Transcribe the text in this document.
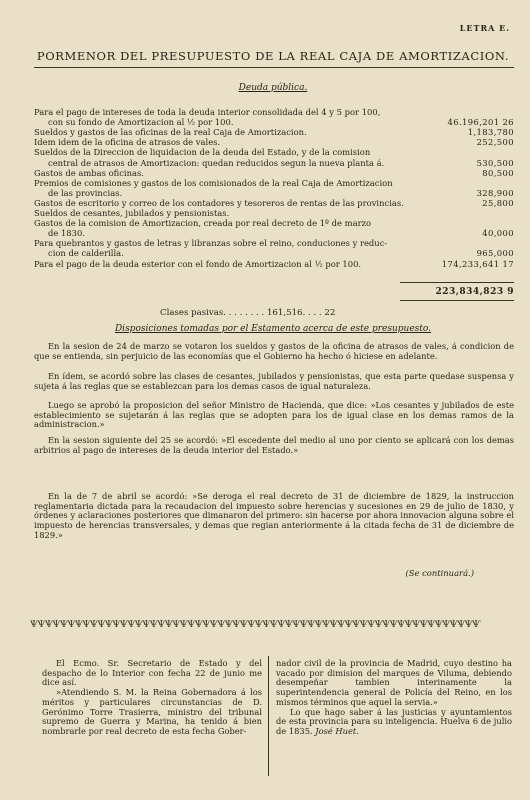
LETRA E.
PORMENOR DEL PRESUPUESTO DE LA REAL CAJA DE AMORTIZACION.
Deuda pública.
Para el pago de intereses de toda la deuda interior consolidada del 4 y 5 por 100,
con su fondo de Amortizacion al ½ por 100.	46.196,201 26
Sueldos y gastos de las oficinas de la real Caja de Amortizacion.	1,183,780
Idem idem de la oficina de atrasos de vales.	252,500
Sueldos de la Direccion de liquidacion de la deuda del Estado, y de la comision
central de atrasos de Amortizacion: quedan reducidos segun la nueva planta á.	530,500
Gastos de ambas oficinas.	80,500
Premios de comisiones y gastos de los comisionados de la real Caja de Amortizacion
de las provincias.	328,900
Gastos de escritorio y correo de los contadores y tesoreros de rentas de las provincias.	25,800
Sueldos de cesantes, jubilados y pensionistas.
Gastos de la comision de Amortizacion, creada por real decreto de 1º de marzo
de 1830.	40,000
Para quebrantos y gastos de letras y libranzas sobre el reino, conduciones y reduc-
cion de calderilla.	965,000
Para el pago de la deuda esterior con el fondo de Amortizacion al ½ por 100.	174,233,641 17
223,834,823 9
Clases pasivas. . . . . . . . 161,516. . . . 22
Disposiciones tomadas por el Estamento acerca de este presupuesto.
En la sesion de 24 de marzo se votaron los sueldos y gastos de la oficina de atrasos de vales, á condicion de que se entienda, sin perjuicio de las economías que el Gobierno ha hecho ó hiciese en adelante.
En ídem, se acordó sobre las clases de cesantes, jubilados y pensionistas, que esta parte quedase suspensa y sujeta á las reglas que se establezcan para los demas casos de igual naturaleza.
Luego se aprobó la proposicion del señor Ministro de Hacienda, que dice: »Los cesantes y jubilados de este establecimiento se sujetarán á las reglas que se adopten para los de igual clase en los demas ramos de la administracion.»
En la sesion siguiente del 25 se acordó: »El escedente del medio al uno por ciento se aplicará con los demas arbitrios al pago de intereses de la deuda interior del Estado.»
En la de 7 de abril se acordó: »Se deroga el real decreto de 31 de diciembre de 1829, la instruccion reglamentaria dictada para la recaudacion del impuesto sobre herencias y sucesiones en 29 de julio de 1830, y órdenes y aclaraciones posteriores que dimanaron del primero: sin hacerse por ahora innovacion alguna sobre el impuesto de herencias transversales, y demas que regian anteriormente á la citada fecha de 31 de diciembre de 1829.»
(Se continuará.)
ѰѰѰѰѰѰѰѰѰѰѰѰѰѰѰѰѰѰѰѰѰѰѰѰѰѰѰѰѰѰѰѰѰѰѰѰѰѰѰѰѰѰѰѰѰѰѰѰѰѰѰѰѰѰѰѰѰѰѰѰ

El Ecmo. Sr. Secretario de Estado y del despacho de lo Interior con fecha 22 de junio me dice así.

»Atendiendo S. M. la Reina Gobernadora á los méritos y particulares circunstancias de D. Gerónimo Torre Trasierra, ministro del tribunal supremo de Guerra y Marina, ha tenido á bien nombrarle por real decreto de esta fecha Gober-

nador civil de la provincia de Madrid, cuyo destino ha vacado por dimision del marques de Viluma, debiendo desempeñar tambien interinamente la superintendencia general de Policía del Reino, en los mismos términos que aquel la servia.»

Lo que hago saber á las justicias y ayuntamientos de esta provincia para su inteligencia. Huelva 6 de julio de 1835. José Huet.
